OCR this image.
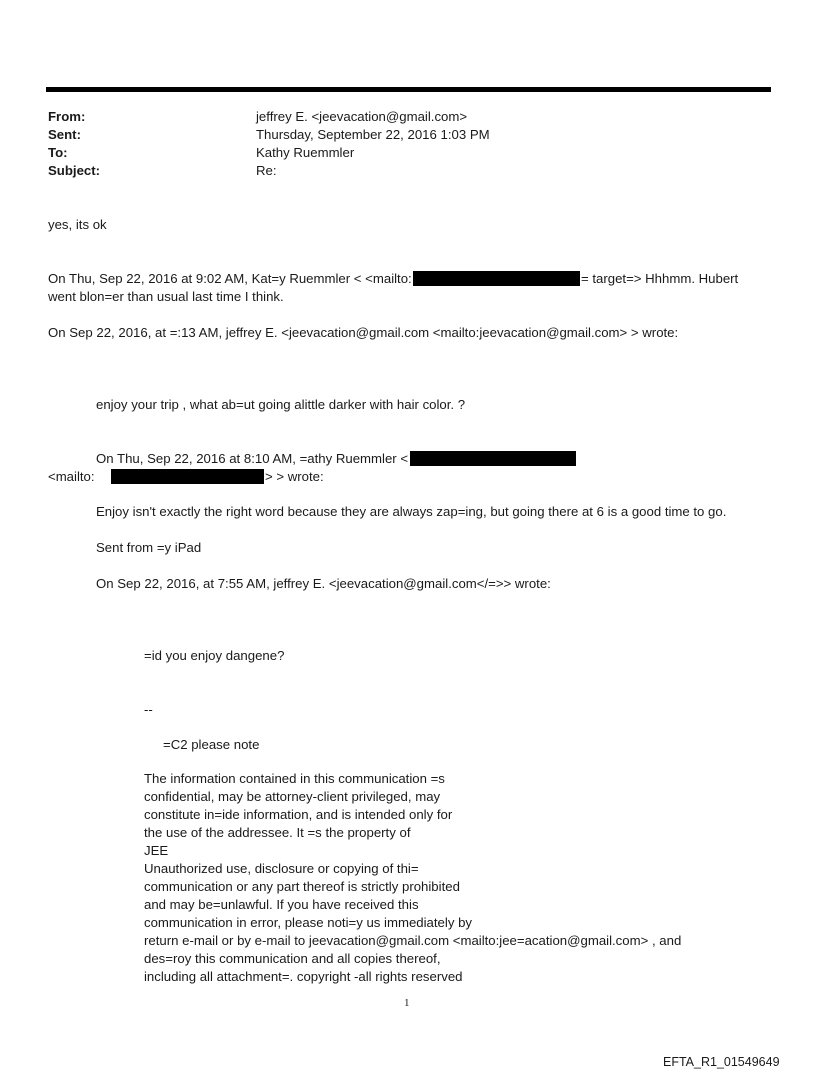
From:	jeffrey E. <jeevacation@gmail.com>
Sent:	Thursday, September 22, 2016 1:03 PM
To:	Kathy Ruemmler
Subject:	Re:
yes, its ok
On Thu, Sep 22, 2016 at 9:02 AM, Kat=y Ruemmler < <mailto:	= target=> Hhhmm. Hubert
went blon=er than usual last time I think.
On Sep 22, 2016, at =:13 AM, jeffrey E. <jeevacation@gmail.com <mailto:jeevacation@gmail.com> > wrote:
enjoy your trip , what ab=ut going alittle darker with hair color. ?
On Thu, Sep 22, 2016 at 8:10 AM, =athy Ruemmler <
<mailto:	> > wrote:
Enjoy isn't exactly the right word because they are always zap=ing, but going there at 6 is a good time to go.
Sent from =y iPad
On Sep 22, 2016, at 7:55 AM, jeffrey E. <jeevacation@gmail.com</=>> wrote:
=id you enjoy dangene?
--
=C2 please note
The information contained in this communication =s
confidential, may be attorney-client privileged, may
constitute in=ide information, and is intended only for
the use of the addressee. It =s the property of
JEE
Unauthorized use, disclosure or copying of thi=
communication or any part thereof is strictly prohibited
and may be=unlawful. If you have received this
communication in error, please noti=y us immediately by
return e-mail or by e-mail to jeevacation@gmail.com <mailto:jee=acation@gmail.com> , and
des=roy this communication and all copies thereof,
including all attachment=. copyright -all rights reserved
1
EFTA_R1_01549649
